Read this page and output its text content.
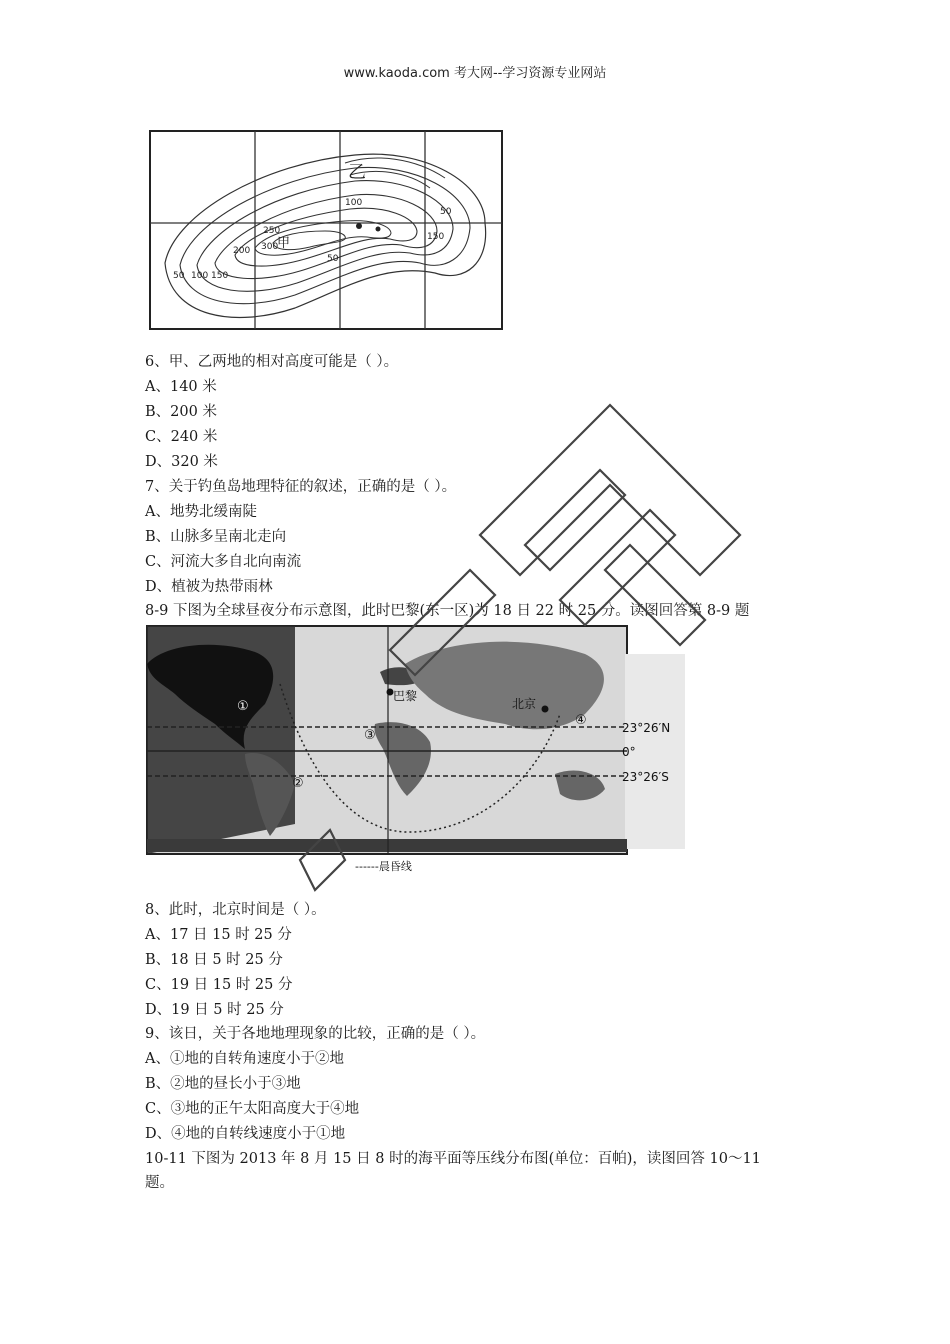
www.kaoda.com 考大网--学习资源专业网站
乙
甲
50 100 150
200
250
300
50
100
50
150
6、甲、乙两地的相对高度可能是（ ）。
A、140 米
B、200 米
C、240 米
D、320 米
7、关于钓鱼岛地理特征的叙述，正确的是（ ）。
A、地势北缓南陡
B、山脉多呈南北走向
C、河流大多自北向南流
D、植被为热带雨林
8-9 下图为全球昼夜分布示意图，此时巴黎(东一区)为 18 日 22 时 25 分。读图回答第 8-9 题
巴黎
北京
①
②
③
④	23°26′N
0°
23°26′S
------晨昏线
8、此时，北京时间是（ ）。
A、17 日 15 时 25 分
B、18 日 5 时 25 分
C、19 日 15 时 25 分
D、19 日 5 时 25 分
9、该日，关于各地地理现象的比较，正确的是（ ）。
A、①地的自转角速度小于②地
B、②地的昼长小于③地
C、③地的正午太阳高度大于④地
D、④地的自转线速度小于①地
10-11 下图为 2013 年 8 月 15 日 8 时的海平面等压线分布图(单位：百帕)，读图回答 10～11
题。
